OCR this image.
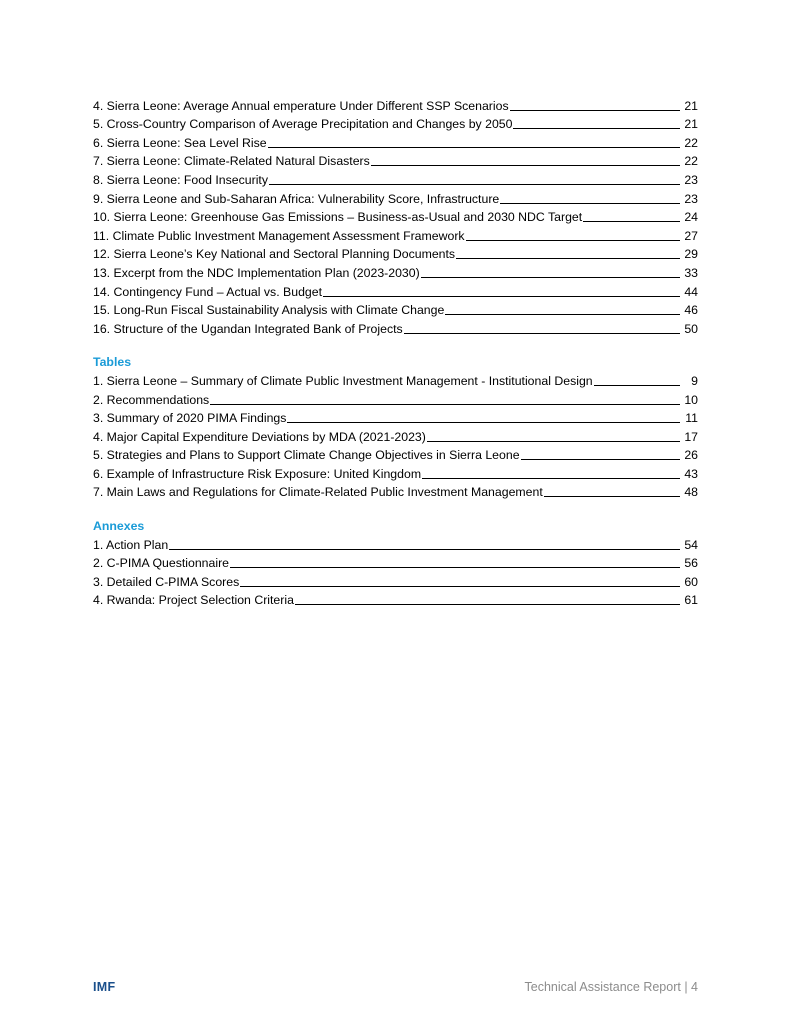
4. Sierra Leone: Average Annual emperature Under Different SSP Scenarios	21
5. Cross-Country Comparison of Average Precipitation and Changes by 2050	21
6. Sierra Leone: Sea Level Rise	22
7. Sierra Leone: Climate-Related Natural Disasters	22
8. Sierra Leone: Food Insecurity	23
9. Sierra Leone and Sub-Saharan Africa: Vulnerability Score, Infrastructure	23
10. Sierra Leone: Greenhouse Gas Emissions – Business-as-Usual and 2030 NDC Target	24
11. Climate Public Investment Management Assessment Framework	27
12. Sierra Leone’s Key National and Sectoral Planning Documents	29
13. Excerpt from the NDC Implementation Plan (2023-2030)	33
14. Contingency Fund – Actual vs. Budget	44
15. Long-Run Fiscal Sustainability Analysis with Climate Change	46
16. Structure of the Ugandan Integrated Bank of Projects	50
Tables
1. Sierra Leone – Summary of Climate Public Investment Management - Institutional Design	9
2. Recommendations	10
3. Summary of 2020 PIMA Findings	11
4. Major Capital Expenditure Deviations by MDA (2021-2023)	17
5. Strategies and Plans to Support Climate Change Objectives in Sierra Leone	26
6. Example of Infrastructure Risk Exposure: United Kingdom	43
7. Main Laws and Regulations for Climate-Related Public Investment Management	48
Annexes
1. Action Plan	54
2. C-PIMA Questionnaire	56
3. Detailed C-PIMA Scores	60
4. Rwanda: Project Selection Criteria	61
IMF	Technical Assistance Report | 4
